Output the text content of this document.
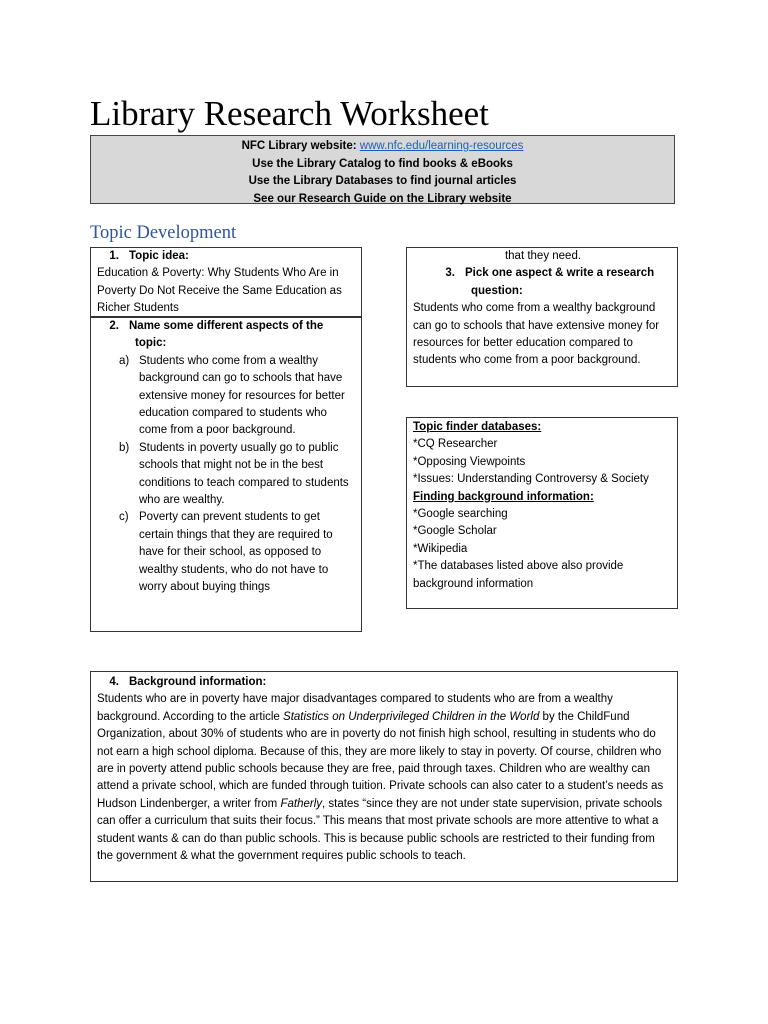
Library Research Worksheet
NFC Library website: www.nfc.edu/learning-resources
Use the Library Catalog to find books & eBooks
Use the Library Databases to find journal articles
See our Research Guide on the Library website
Topic Development
1. Topic idea:
Education & Poverty: Why Students Who Are in Poverty Do Not Receive the Same Education as Richer Students
2. Name some different aspects of the topic:
a) Students who come from a wealthy background can go to schools that have extensive money for resources for better education compared to students who come from a poor background.
b) Students in poverty usually go to public schools that might not be in the best conditions to teach compared to students who are wealthy.
c) Poverty can prevent students to get certain things that they are required to have for their school, as opposed to wealthy students, who do not have to worry about buying things
that they need.
3. Pick one aspect & write a research question:
Students who come from a wealthy background can go to schools that have extensive money for resources for better education compared to students who come from a poor background.
Topic finder databases:
*CQ Researcher
*Opposing Viewpoints
*Issues: Understanding Controversy & Society
Finding background information:
*Google searching
*Google Scholar
*Wikipedia
*The databases listed above also provide background information
4. Background information:
Students who are in poverty have major disadvantages compared to students who are from a wealthy background. According to the article Statistics on Underprivileged Children in the World by the ChildFund Organization, about 30% of students who are in poverty do not finish high school, resulting in students who do not earn a high school diploma. Because of this, they are more likely to stay in poverty. Of course, children who are in poverty attend public schools because they are free, paid through taxes. Children who are wealthy can attend a private school, which are funded through tuition. Private schools can also cater to a student’s needs as Hudson Lindenberger, a writer from Fatherly, states “since they are not under state supervision, private schools can offer a curriculum that suits their focus.” This means that most private schools are more attentive to what a student wants & can do than public schools. This is because public schools are restricted to their funding from the government & what the government requires public schools to teach.
